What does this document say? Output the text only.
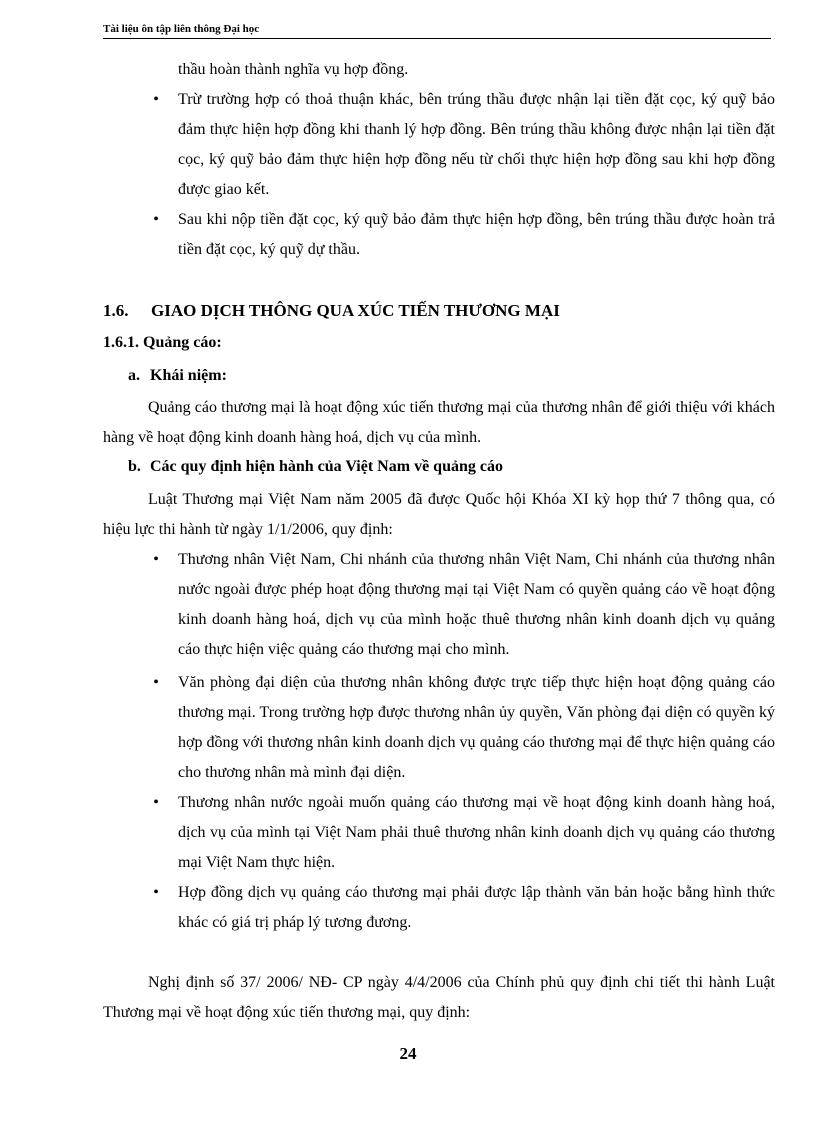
Tài liệu ôn tập liên thông Đại học
thầu hoàn thành nghĩa vụ hợp đồng.
•	Trừ trường hợp có thoả thuận khác, bên trúng thầu được nhận lại tiền đặt cọc, ký quỹ bảo đảm thực hiện hợp đồng khi thanh lý hợp đồng. Bên trúng thầu không được nhận lại tiền đặt cọc, ký quỹ bảo đảm thực hiện hợp đồng nếu từ chối thực hiện hợp đồng sau khi hợp đồng được giao kết.
•	Sau khi nộp tiền đặt cọc, ký quỹ bảo đảm thực hiện hợp đồng, bên trúng thầu được hoàn trả tiền đặt cọc, ký quỹ dự thầu.
1.6. GIAO DỊCH THÔNG QUA XÚC TIẾN THƯƠNG MẠI
1.6.1. Quảng cáo:
a. Khái niệm:
Quảng cáo thương mại là hoạt động xúc tiến thương mại của thương nhân để giới thiệu với khách hàng về hoạt động kinh doanh hàng hoá, dịch vụ của mình.
b. Các quy định hiện hành của Việt Nam về quảng cáo
Luật Thương mại Việt Nam năm 2005 đã được Quốc hội Khóa XI kỳ họp thứ 7 thông qua, có hiệu lực thi hành từ ngày 1/1/2006, quy định:
•	Thương nhân Việt Nam, Chi nhánh của thương nhân Việt Nam, Chi nhánh của thương nhân nước ngoài được phép hoạt động thương mại tại Việt Nam có quyền quảng cáo về hoạt động kinh doanh hàng hoá, dịch vụ của mình hoặc thuê thương nhân kinh doanh dịch vụ quảng cáo thực hiện việc quảng cáo thương mại cho mình.
•	Văn phòng đại diện của thương nhân không được trực tiếp thực hiện hoạt động quảng cáo thương mại. Trong trường hợp được thương nhân ủy quyền, Văn phòng đại diện có quyền ký hợp đồng với thương nhân kinh doanh dịch vụ quảng cáo thương mại để thực hiện quảng cáo cho thương nhân mà mình đại diện.
•	Thương nhân nước ngoài muốn quảng cáo thương mại về hoạt động kinh doanh hàng hoá, dịch vụ của mình tại Việt Nam phải thuê thương nhân kinh doanh dịch vụ quảng cáo thương mại Việt Nam thực hiện.
•	Hợp đồng dịch vụ quảng cáo thương mại phải được lập thành văn bản hoặc bằng hình thức khác có giá trị pháp lý tương đương.
Nghị định số 37/ 2006/ NĐ- CP ngày 4/4/2006 của Chính phủ quy định chi tiết thi hành Luật Thương mại về hoạt động xúc tiến thương mại, quy định:
24
